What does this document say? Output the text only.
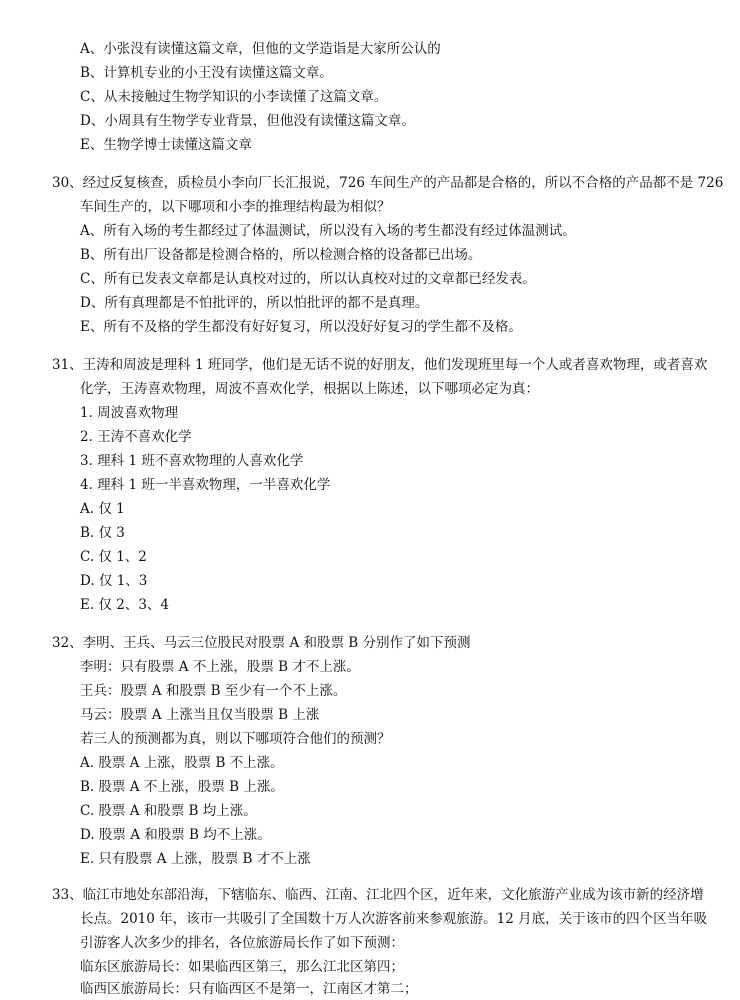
A、小张没有读懂这篇文章，但他的文学造诣是大家所公认的
B、计算机专业的小王没有读懂这篇文章。
C、从未接触过生物学知识的小李读懂了这篇文章。
D、小周具有生物学专业背景，但他没有读懂这篇文章。
E、生物学博士读懂这篇文章
30、经过反复核查，质检员小李向厂长汇报说，726 车间生产的产品都是合格的，所以不合格的产品都不是 726
车间生产的，以下哪项和小李的推理结构最为相似？
A、所有入场的考生都经过了体温测试，所以没有入场的考生都没有经过体温测试。
B、所有出厂设备都是检测合格的，所以检测合格的设备都已出场。
C、所有已发表文章都是认真校对过的，所以认真校对过的文章都已经发表。
D、所有真理都是不怕批评的，所以怕批评的都不是真理。
E、所有不及格的学生都没有好好复习，所以没好好复习的学生都不及格。
31、王涛和周波是理科 1 班同学，他们是无话不说的好朋友，他们发现班里每一个人或者喜欢物理，或者喜欢
化学，王涛喜欢物理，周波不喜欢化学，根据以上陈述，以下哪项必定为真：
1. 周波喜欢物理
2. 王涛不喜欢化学
3. 理科 1 班不喜欢物理的人喜欢化学
4. 理科 1 班一半喜欢物理，一半喜欢化学
A. 仅 1
B. 仅 3
C. 仅 1、2
D. 仅 1、3
E. 仅 2、3、4
32、李明、王兵、马云三位股民对股票 A 和股票 B 分别作了如下预测
李明：只有股票 A 不上涨，股票 B 才不上涨。
王兵：股票 A 和股票 B 至少有一个不上涨。
马云：股票 A 上涨当且仅当股票 B 上涨
若三人的预测都为真，则以下哪项符合他们的预测？
A. 股票 A 上涨，股票 B 不上涨。
B. 股票 A 不上涨，股票 B 上涨。
C. 股票 A 和股票 B 均上涨。
D. 股票 A 和股票 B 均不上涨。
E. 只有股票 A 上涨，股票 B 才不上涨
33、临江市地处东部沿海，下辖临东、临西、江南、江北四个区，近年来，文化旅游产业成为该市新的经济增
长点。2010 年，该市一共吸引了全国数十万人次游客前来参观旅游。12 月底，关于该市的四个区当年吸
引游客人次多少的排名，各位旅游局长作了如下预测：
临东区旅游局长：如果临西区第三，那么江北区第四；
临西区旅游局长：只有临西区不是第一，江南区才第二；
